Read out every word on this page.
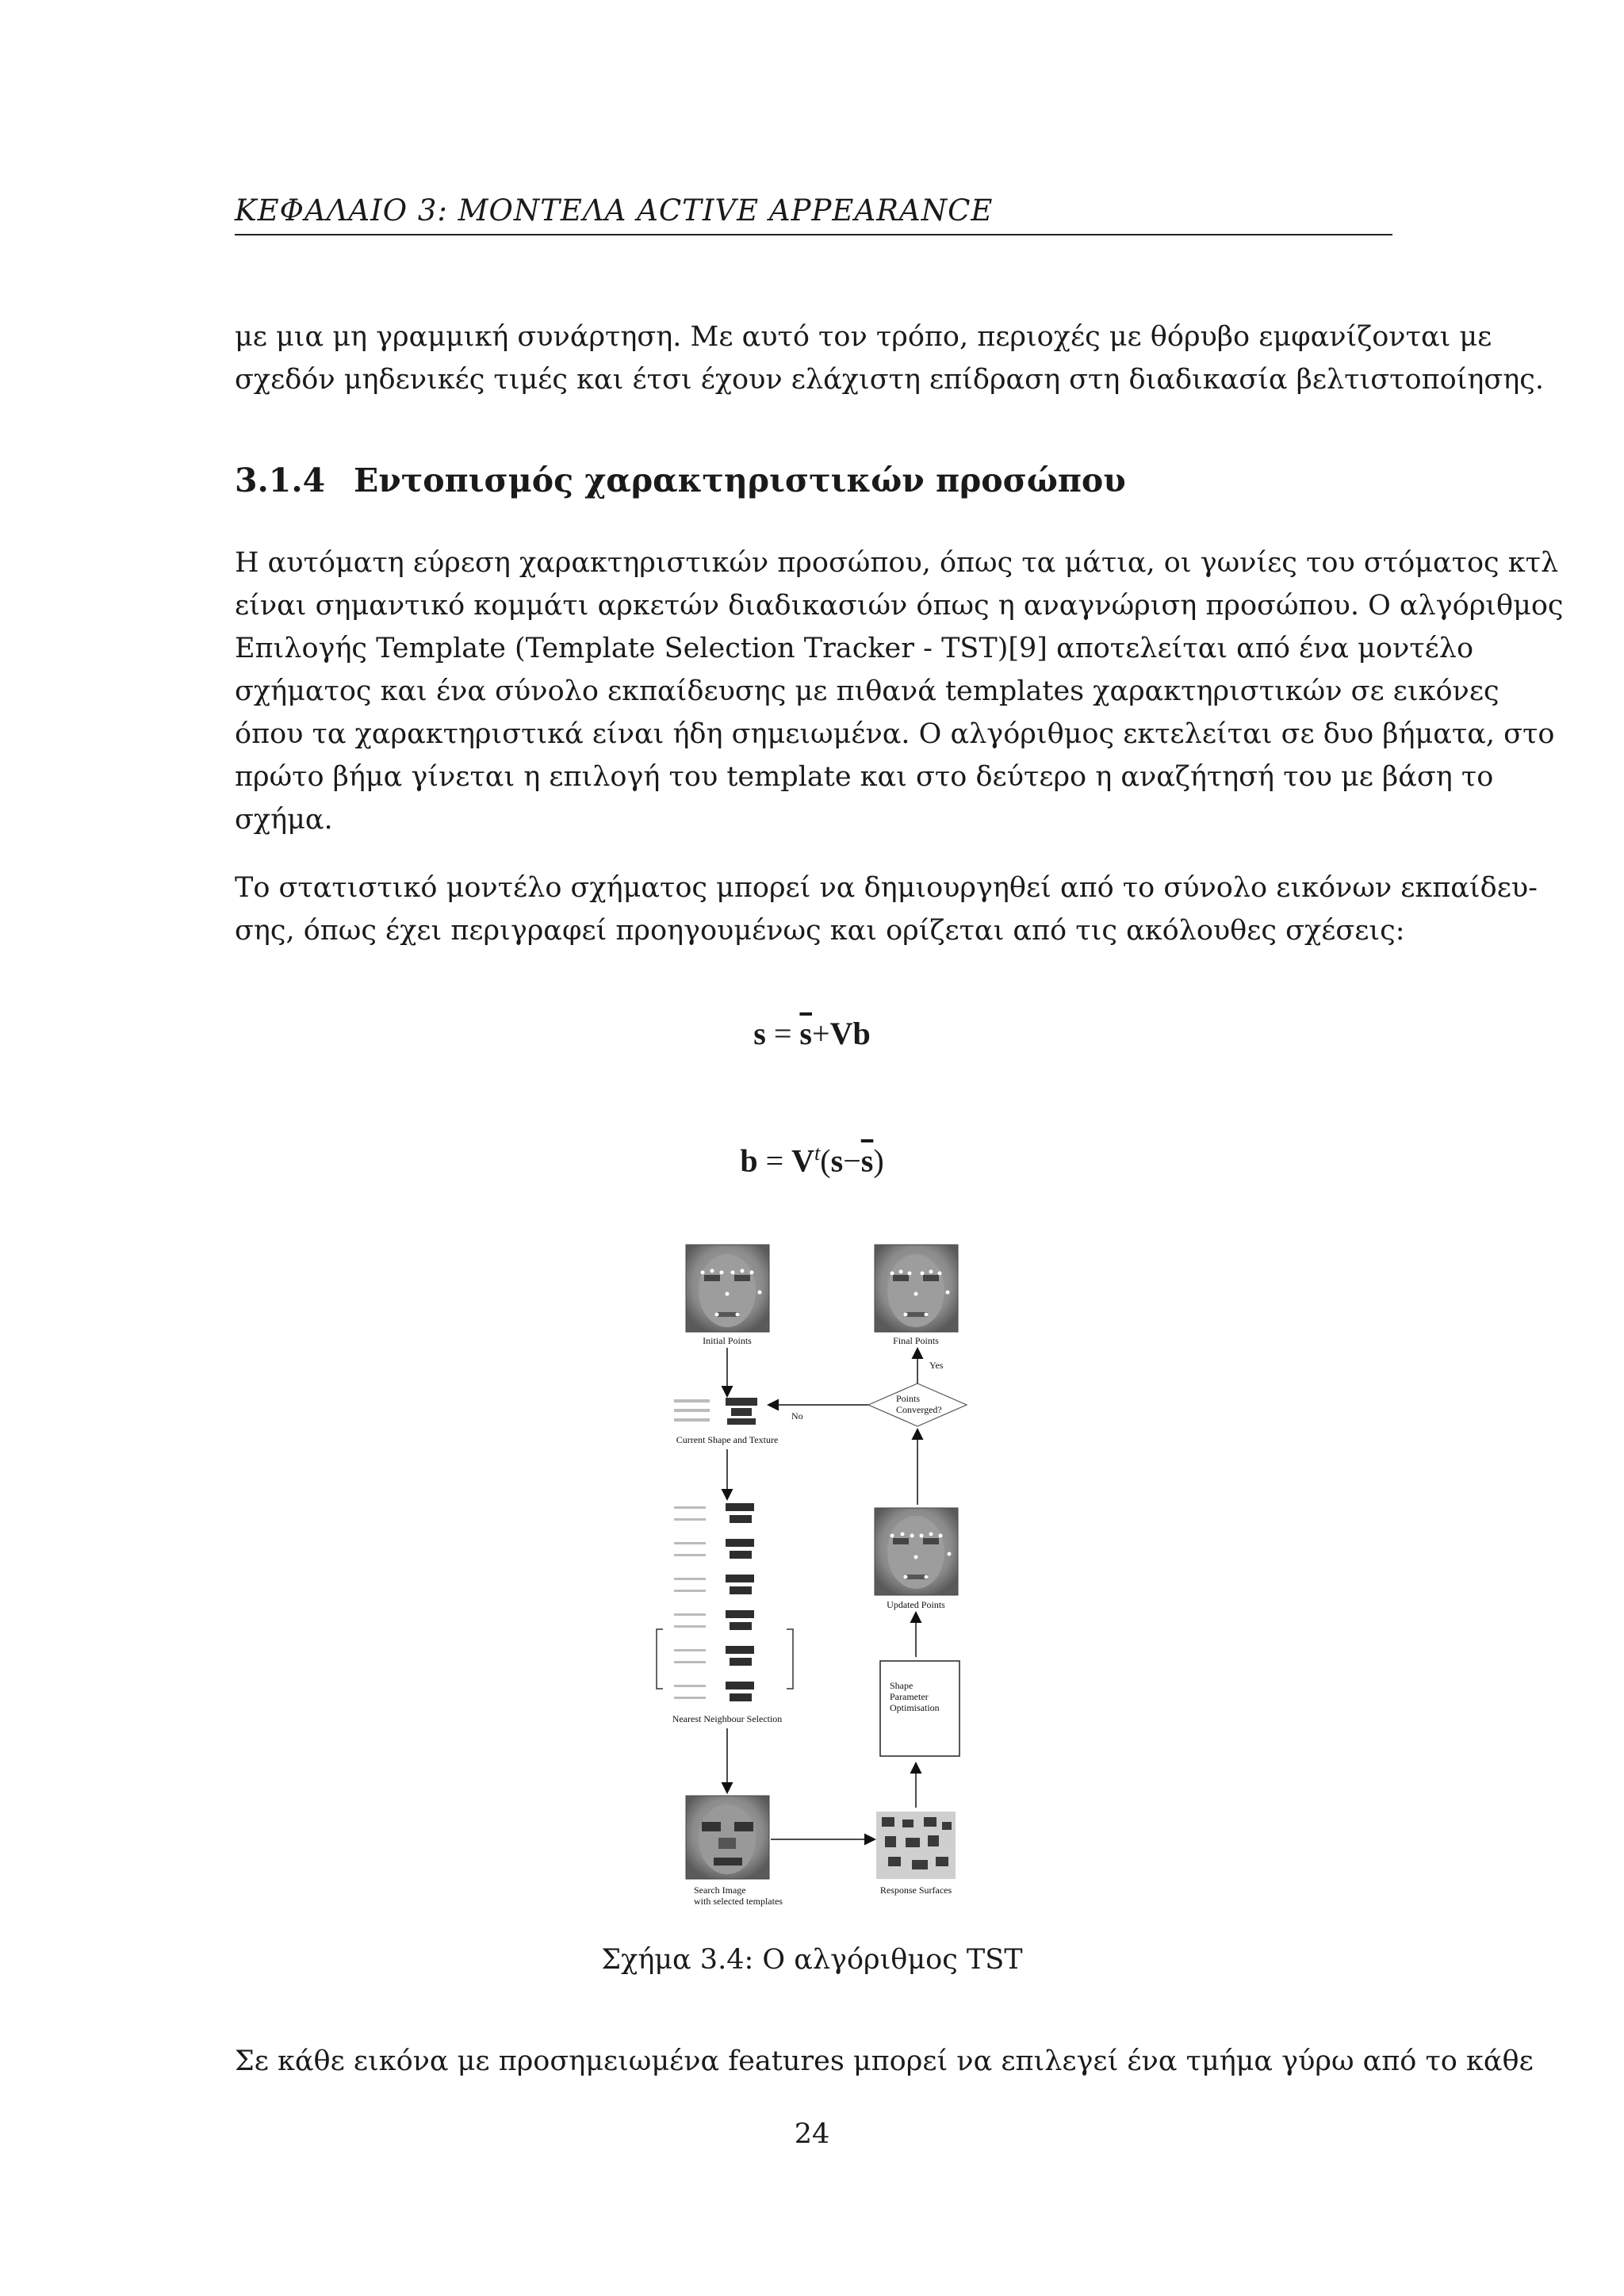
ΚΕΦΑΛΑΙΟ 3: ΜΟΝΤΕΛΑ ACTIVE APPEARANCE
με μια μη γραμμική συνάρτηση. Με αυτό τον τρόπο, περιοχές με θόρυβο εμφανίζονται με
σχεδόν μηδενικές τιμές και έτσι έχουν ελάχιστη επίδραση στη διαδικασία βελτιστοποίησης.
3.1.4 Εντοπισμός χαρακτηριστικών προσώπου
Η αυτόματη εύρεση χαρακτηριστικών προσώπου, όπως τα μάτια, οι γωνίες του στόματος κτλ
είναι σημαντικό κομμάτι αρκετών διαδικασιών όπως η αναγνώριση προσώπου. Ο αλγόριθμος
Επιλογής Template (Template Selection Tracker - TST)[9] αποτελείται από ένα μοντέλο
σχήματος και ένα σύνολο εκπαίδευσης με πιθανά templates χαρακτηριστικών σε εικόνες
όπου τα χαρακτηριστικά είναι ήδη σημειωμένα. Ο αλγόριθμος εκτελείται σε δυο βήματα, στο
πρώτο βήμα γίνεται η επιλογή του template και στο δεύτερο η αναζήτησή του με βάση το
σχήμα.
Το στατιστικό μοντέλο σχήματος μπορεί να δημιουργηθεί από το σύνολο εικόνων εκπαίδευ-
σης, όπως έχει περιγραφεί προηγουμένως και ορίζεται από τις ακόλουθες σχέσεις:
$s = \overline{s}+Vb$
$b = V^t(s-\overline{s})$
Initial Points	Final Points
Current Shape and Texture
Points
Converged?
Yes
No
Nearest Neighbour Selection
Search Image
with selected templates
Response Surfaces
Shape
Parameter
Optimisation
Updated Points
Σχήμα 3.4: Ο αλγόριθμος TST
Σε κάθε εικόνα με προσημειωμένα features μπορεί να επιλεγεί ένα τμήμα γύρω από το κάθε
24
